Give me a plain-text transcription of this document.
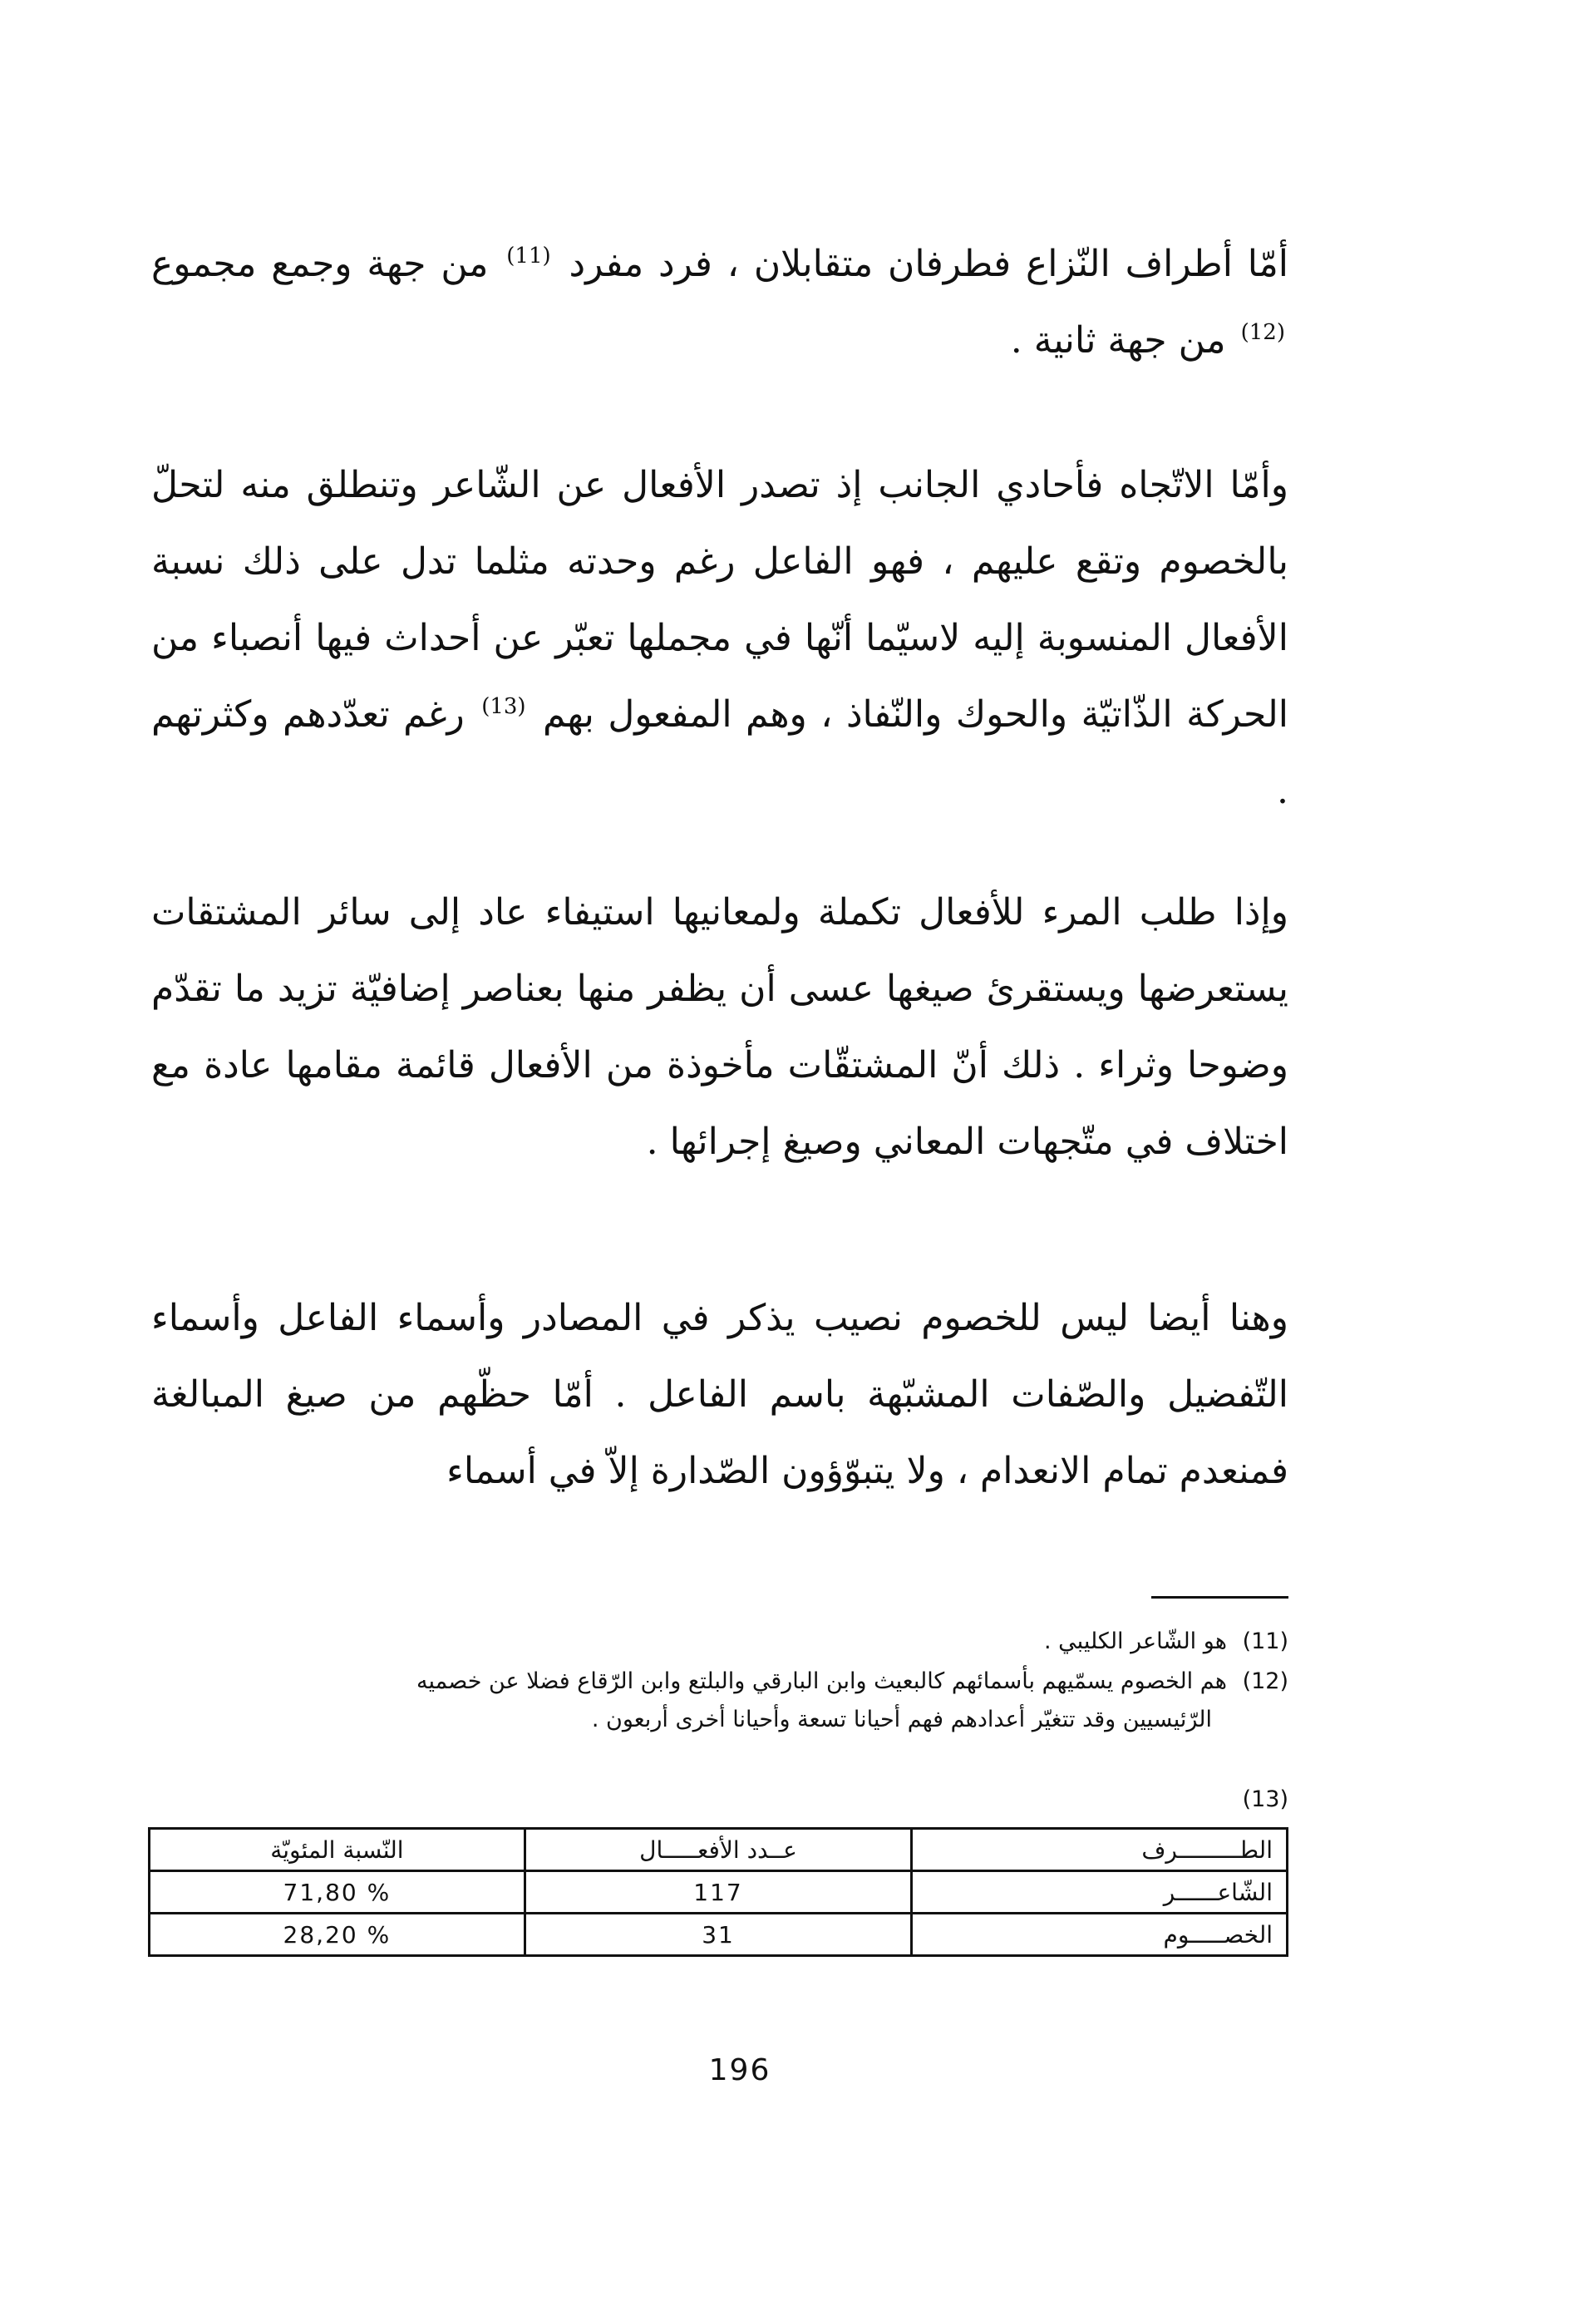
أمّا أطراف النّزاع فطرفان متقابلان ، فرد مفرد $^{(11)}$ من جهة وجمع مجموع $^{(12)}$ من جهة ثانية .

وأمّا الاتّجاه فأحادي الجانب إذ تصدر الأفعال عن الشّاعر وتنطلق منه لتحلّ بالخصوم وتقع عليهم ، فهو الفاعل رغم وحدته مثلما تدل على ذلك نسبة الأفعال المنسوبة إليه لاسيّما أنّها في مجملها تعبّر عن أحداث فيها أنصباء من الحركة الذّاتيّة والحوك والنّفاذ ، وهم المفعول بهم $^{(13)}$ رغم تعدّدهم وكثرتهم .

وإذا طلب المرء للأفعال تكملة ولمعانيها استيفاء عاد إلى سائر المشتقات يستعرضها ويستقرئ صيغها عسى أن يظفر منها بعناصر إضافيّة تزيد ما تقدّم وضوحا وثراء . ذلك أنّ المشتقّات مأخوذة من الأفعال قائمة مقامها عادة مع اختلاف في متّجهات المعاني وصيغ إجرائها .

وهنا أيضا ليس للخصوم نصيب يذكر في المصادر وأسماء الفاعل وأسماء التّفضيل والصّفات المشبّهة باسم الفاعل . أمّا حظّهم من صيغ المبالغة فمنعدم تمام الانعدام ، ولا يتبوّؤون الصّدارة إلاّ في أسماء

(11) هو الشّاعر الكليبي .
(12) هم الخصوم يسمّيهم بأسمائهم كالبعيث وابن البارقي والبلتع وابن الرّقاع فضلا عن خصميه
الرّئيسيين وقد تتغيّر أعدادهم فهم أحيانا تسعة وأحيانا أخرى أربعون .
(13)
الطـــــــــرف	عــدد الأفعـــــال	النّسبة المئويّة
الشّاعــــــر	117	71,80 %
الخصـــــوم	31	28,20 %
196
